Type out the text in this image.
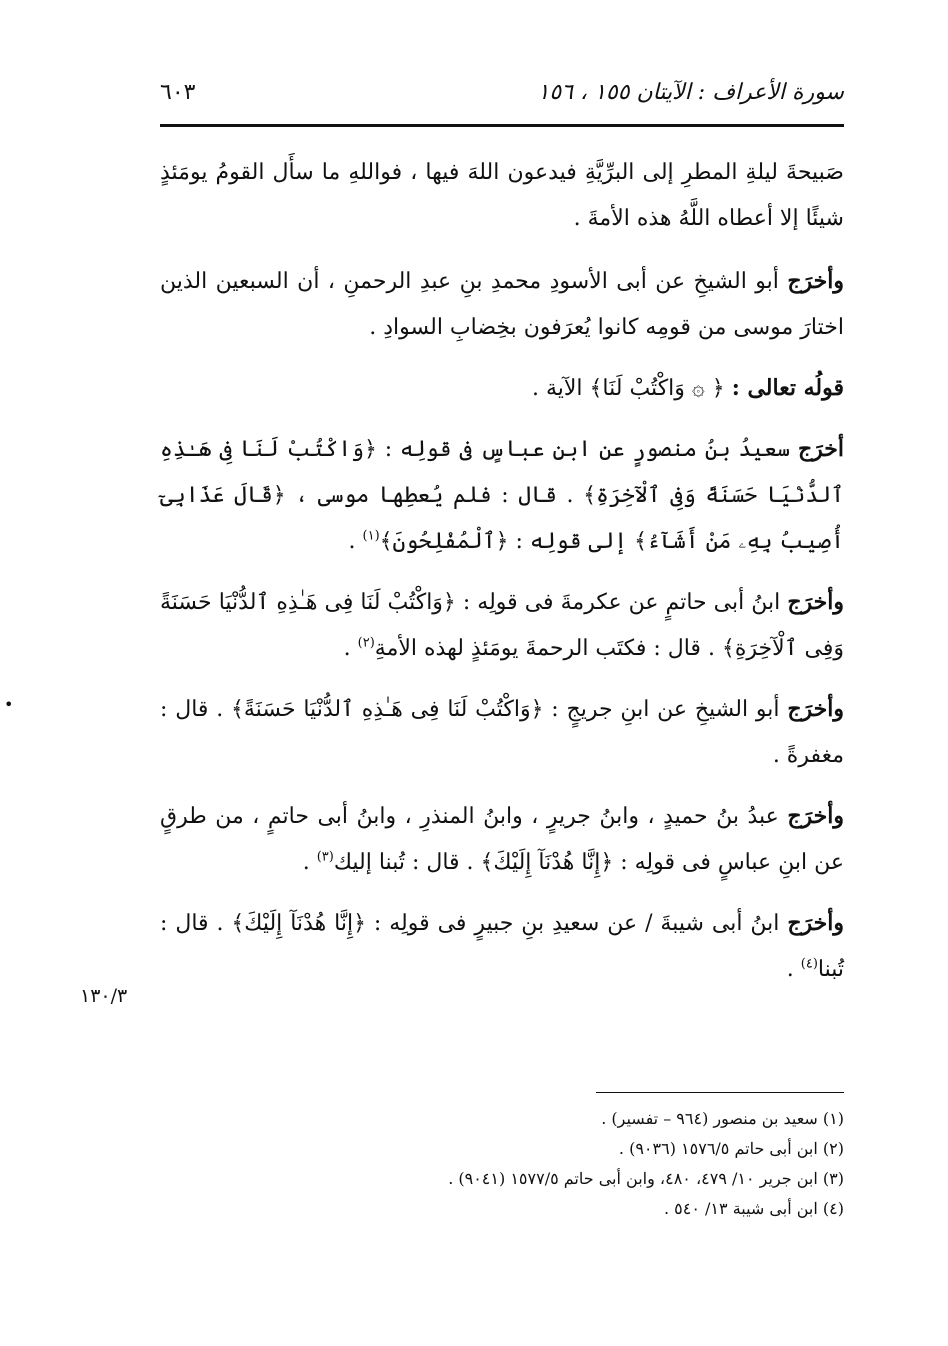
سورة الأعراف : الآيتان ١٥٥ ، ١٥٦
٦٠٣

صَبيحةَ ليلةِ المطرِ إلى البرِّيَّةِ فيدعون اللهَ فيها ، فواللهِ ما سأَل القومُ يومَئذٍ شيئًا إلا أعطاه اللَّهُ هذه الأمةَ .

وأخرَج أبو الشيخِ عن أبى الأسودِ محمدِ بنِ عبدِ الرحمنِ ، أن السبعين الذين اختارَ موسى من قومِه كانوا يُعرَفون بخِضابِ السوادِ .

قولُه تعالى : ﴿ ۞ وَاكْتُبْ لَنَا﴾ الآية .

أخرَج سعيدُ بنُ منصورٍ عن ابنِ عباسٍ فى قولِه : ﴿وَاكْتُبْ لَنَا فِى هَـٰذِهِ ٱلدُّنْيَا حَسَنَةً وَفِى ٱلْآخِرَةِ﴾ . قال : فلم يُعطِها موسى ، ﴿قَالَ عَذَابِىٓ أُصِيبُ بِهِۦ مَنْ أَشَآءُ﴾ إلى قولِه : ﴿ٱلْمُفْلِحُونَ﴾$^{(١)}$ .

وأخرَج ابنُ أبى حاتمٍ عن عكرمةَ فى قولِه : ﴿وَاكْتُبْ لَنَا فِى هَـٰذِهِ ٱلدُّنْيَا حَسَنَةً وَفِى ٱلْآخِرَةِ﴾ . قال : فكتَب الرحمةَ يومَئذٍ لهذه الأمةِ$^{(٢)}$ .

وأخرَج أبو الشيخِ عن ابنِ جريجٍ : ﴿وَاكْتُبْ لَنَا فِى هَـٰذِهِ ٱلدُّنْيَا حَسَنَةً﴾ . قال : مغفرةً .

وأخرَج عبدُ بنُ حميدٍ ، وابنُ جريرٍ ، وابنُ المنذرِ ، وابنُ أبى حاتمٍ ، من طرقٍ عن ابنِ عباسٍ فى قولِه : ﴿إِنَّا هُدْنَآ إِلَيْكَ﴾ . قال : تُبنا إليك$^{(٣)}$ .

وأخرَج ابنُ أبى شيبةَ / عن سعيدِ بنِ جبيرٍ فى قولِه : ﴿إِنَّا هُدْنَآ إِلَيْكَ﴾ . قال : تُبنا$^{(٤)}$ .

١٣٠/٣
•
(١) سعيد بن منصور (٩٦٤ – تفسير) .
(٢) ابن أبى حاتم ١٥٧٦/٥ (٩٠٣٦) .
(٣) ابن جرير ١٠/ ٤٧٩، ٤٨٠، وابن أبى حاتم ١٥٧٧/٥ (٩٠٤١) .
(٤) ابن أبى شيبة ١٣/ ٥٤٠ .
